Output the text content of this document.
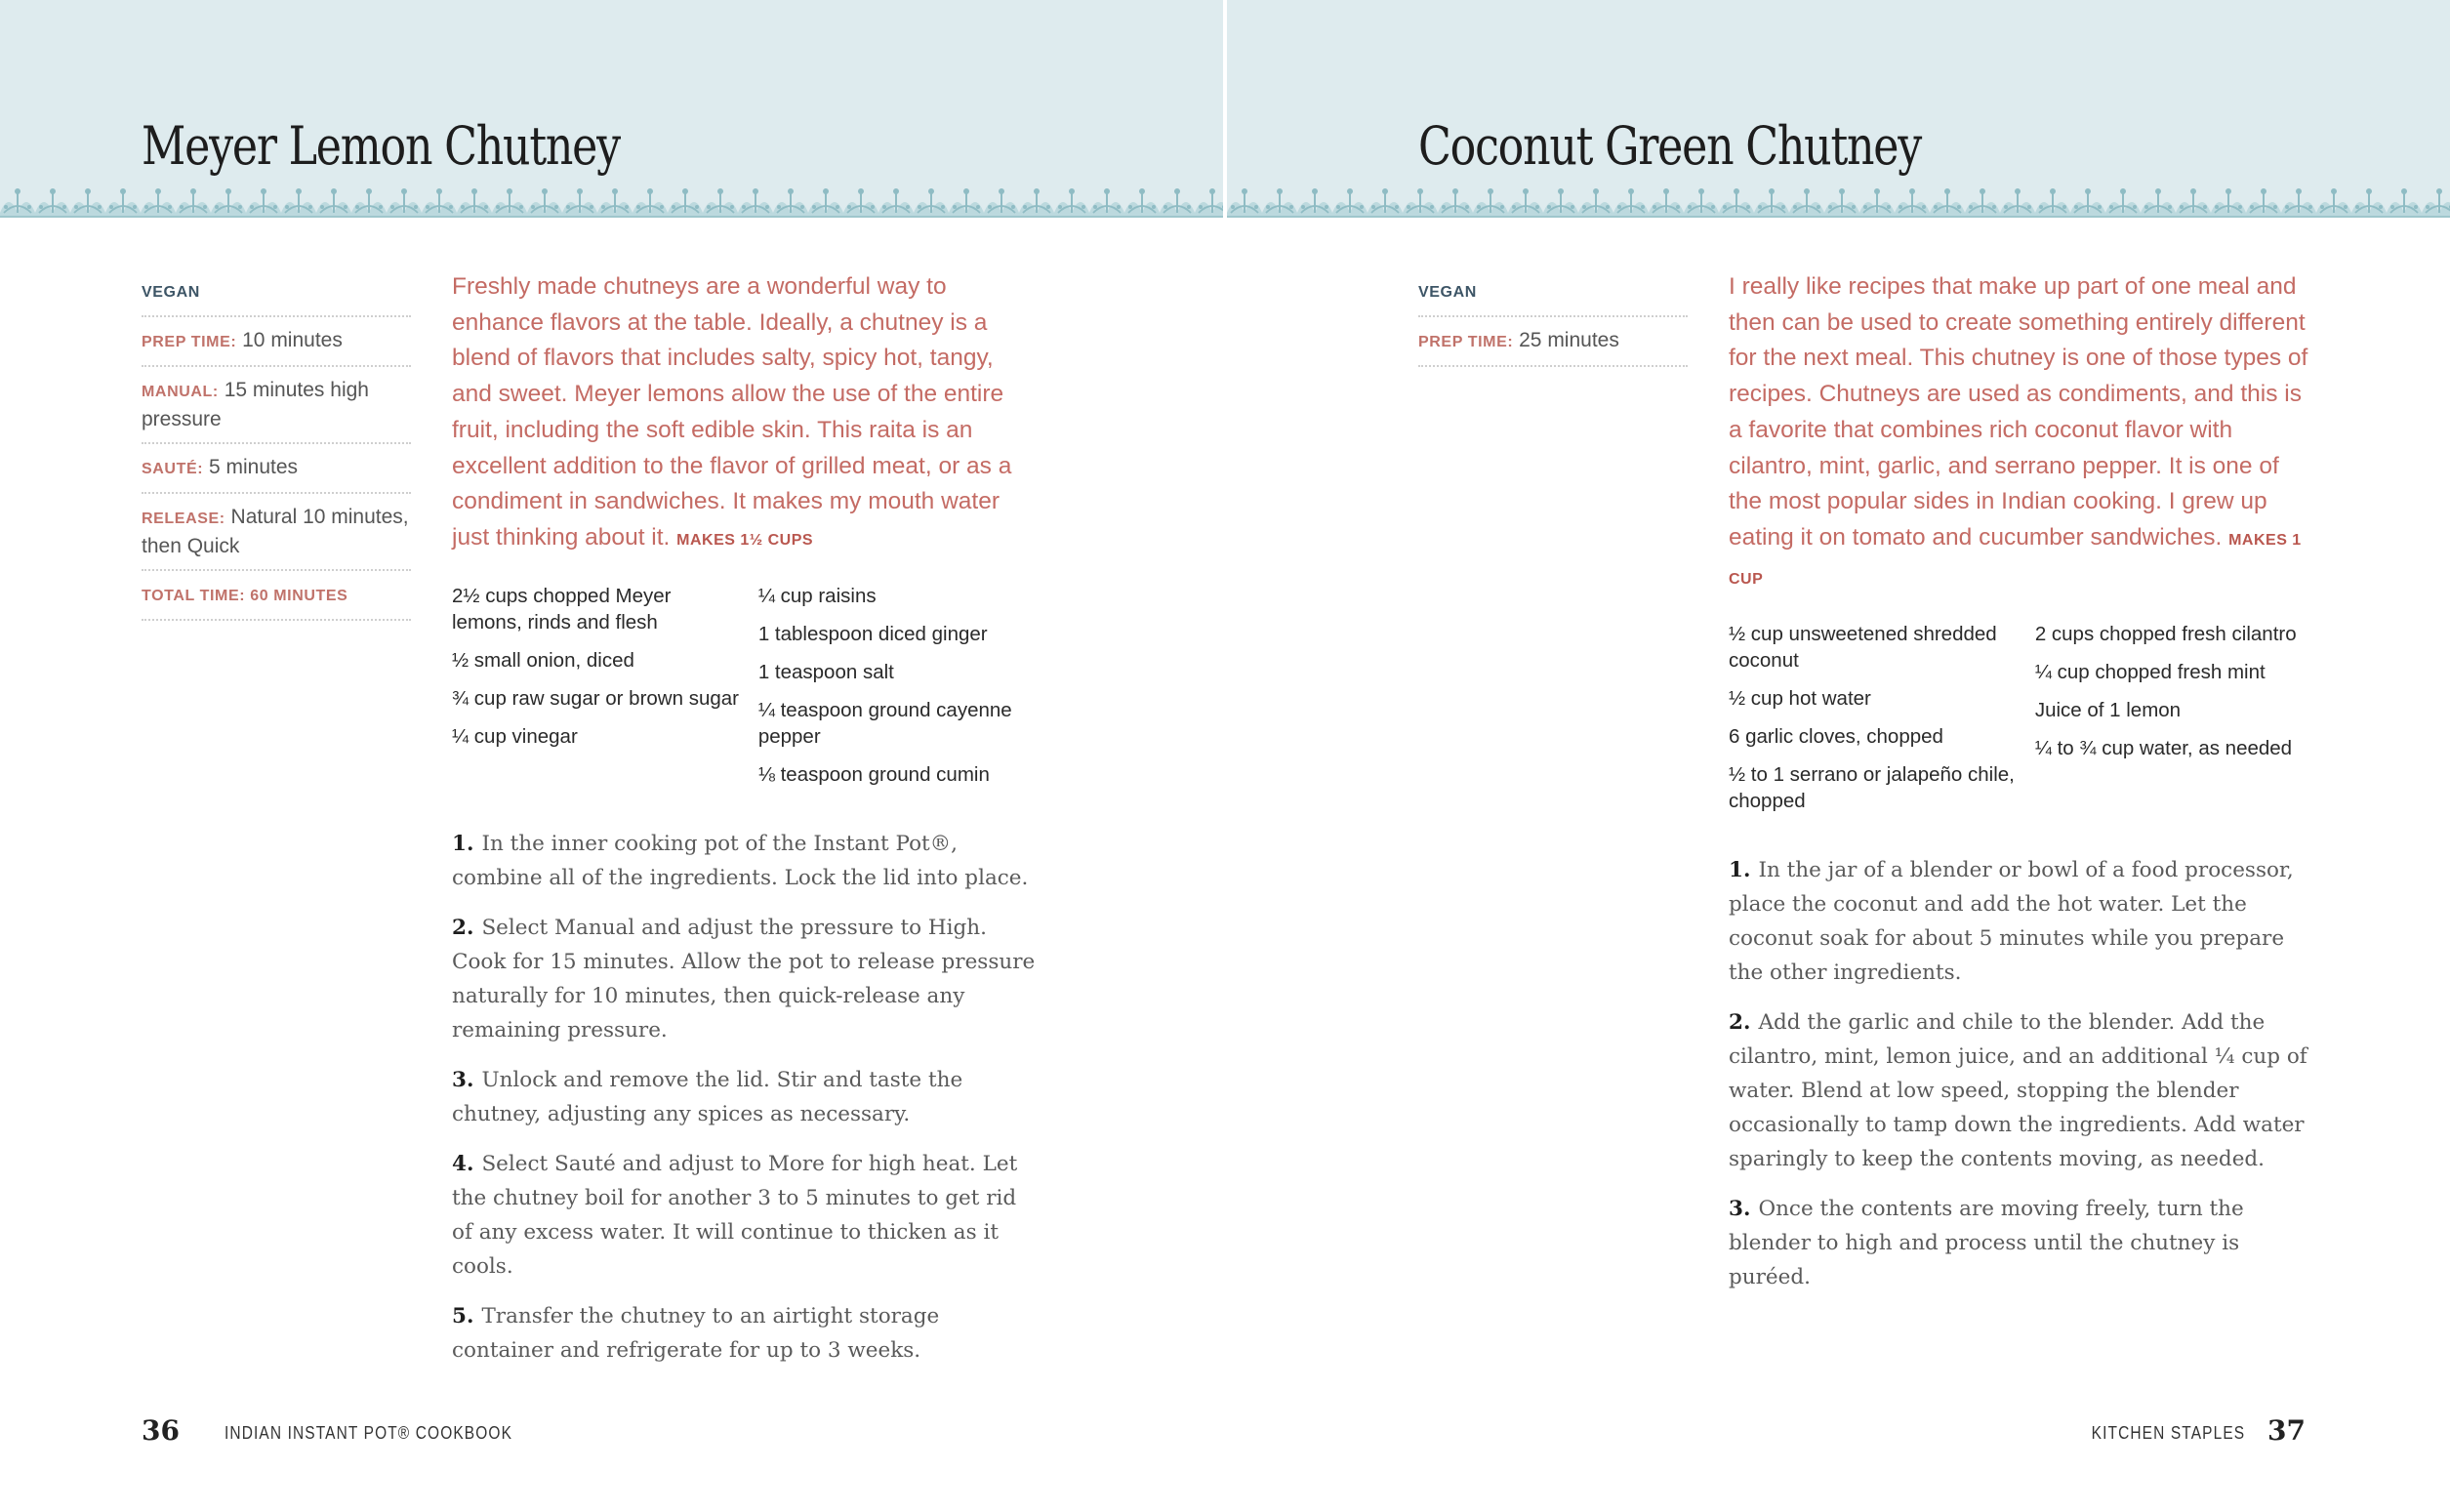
Meyer Lemon Chutney
VEGAN
PREP TIME: 10 minutes
MANUAL: 15 minutes high pressure
SAUTÉ: 5 minutes
RELEASE: Natural 10 minutes, then Quick
TOTAL TIME: 60 MINUTES

Freshly made chutneys are a wonderful way to enhance flavors at the table. Ideally, a chutney is a blend of flavors that includes salty, spicy hot, tangy, and sweet. Meyer lemons allow the use of the entire fruit, including the soft edible skin. This raita is an excellent addition to the flavor of grilled meat, or as a condiment in sandwiches. It makes my mouth water just thinking about it. MAKES 1½ CUPS

2½ cups chopped Meyer lemons, rinds and flesh
½ small onion, diced
¾ cup raw sugar or brown sugar
¼ cup vinegar
¼ cup raisins
1 tablespoon diced ginger
1 teaspoon salt
¼ teaspoon ground cayenne pepper
⅛ teaspoon ground cumin

1. In the inner cooking pot of the Instant Pot®, combine all of the ingredients. Lock the lid into place.

2. Select Manual and adjust the pressure to High. Cook for 15 minutes. Allow the pot to release pressure naturally for 10 minutes, then quick-release any remaining pressure.

3. Unlock and remove the lid. Stir and taste the chutney, adjusting any spices as necessary.

4. Select Sauté and adjust to More for high heat. Let the chutney boil for another 3 to 5 minutes to get rid of any excess water. It will continue to thicken as it cools.

5. Transfer the chutney to an airtight storage container and refrigerate for up to 3 weeks.

36	INDIAN INSTANT POT® COOKBOOK
Coconut Green Chutney
VEGAN
PREP TIME: 25 minutes

I really like recipes that make up part of one meal and then can be used to create something entirely different for the next meal. This chutney is one of those types of recipes. Chutneys are used as condiments, and this is a favorite that combines rich coconut flavor with cilantro, mint, garlic, and serrano pepper. It is one of the most popular sides in Indian cooking. I grew up eating it on tomato and cucumber sandwiches. MAKES 1 CUP

½ cup unsweetened shredded coconut
½ cup hot water
6 garlic cloves, chopped
½ to 1 serrano or jalapeño chile, chopped
2 cups chopped fresh cilantro
¼ cup chopped fresh mint
Juice of 1 lemon
¼ to ¾ cup water, as needed

1. In the jar of a blender or bowl of a food processor, place the coconut and add the hot water. Let the coconut soak for about 5 minutes while you prepare the other ingredients.

2. Add the garlic and chile to the blender. Add the cilantro, mint, lemon juice, and an additional ¼ cup of water. Blend at low speed, stopping the blender occasionally to tamp down the ingredients. Add water sparingly to keep the contents moving, as needed.

3. Once the contents are moving freely, turn the blender to high and process until the chutney is puréed.

KITCHEN STAPLES 37
